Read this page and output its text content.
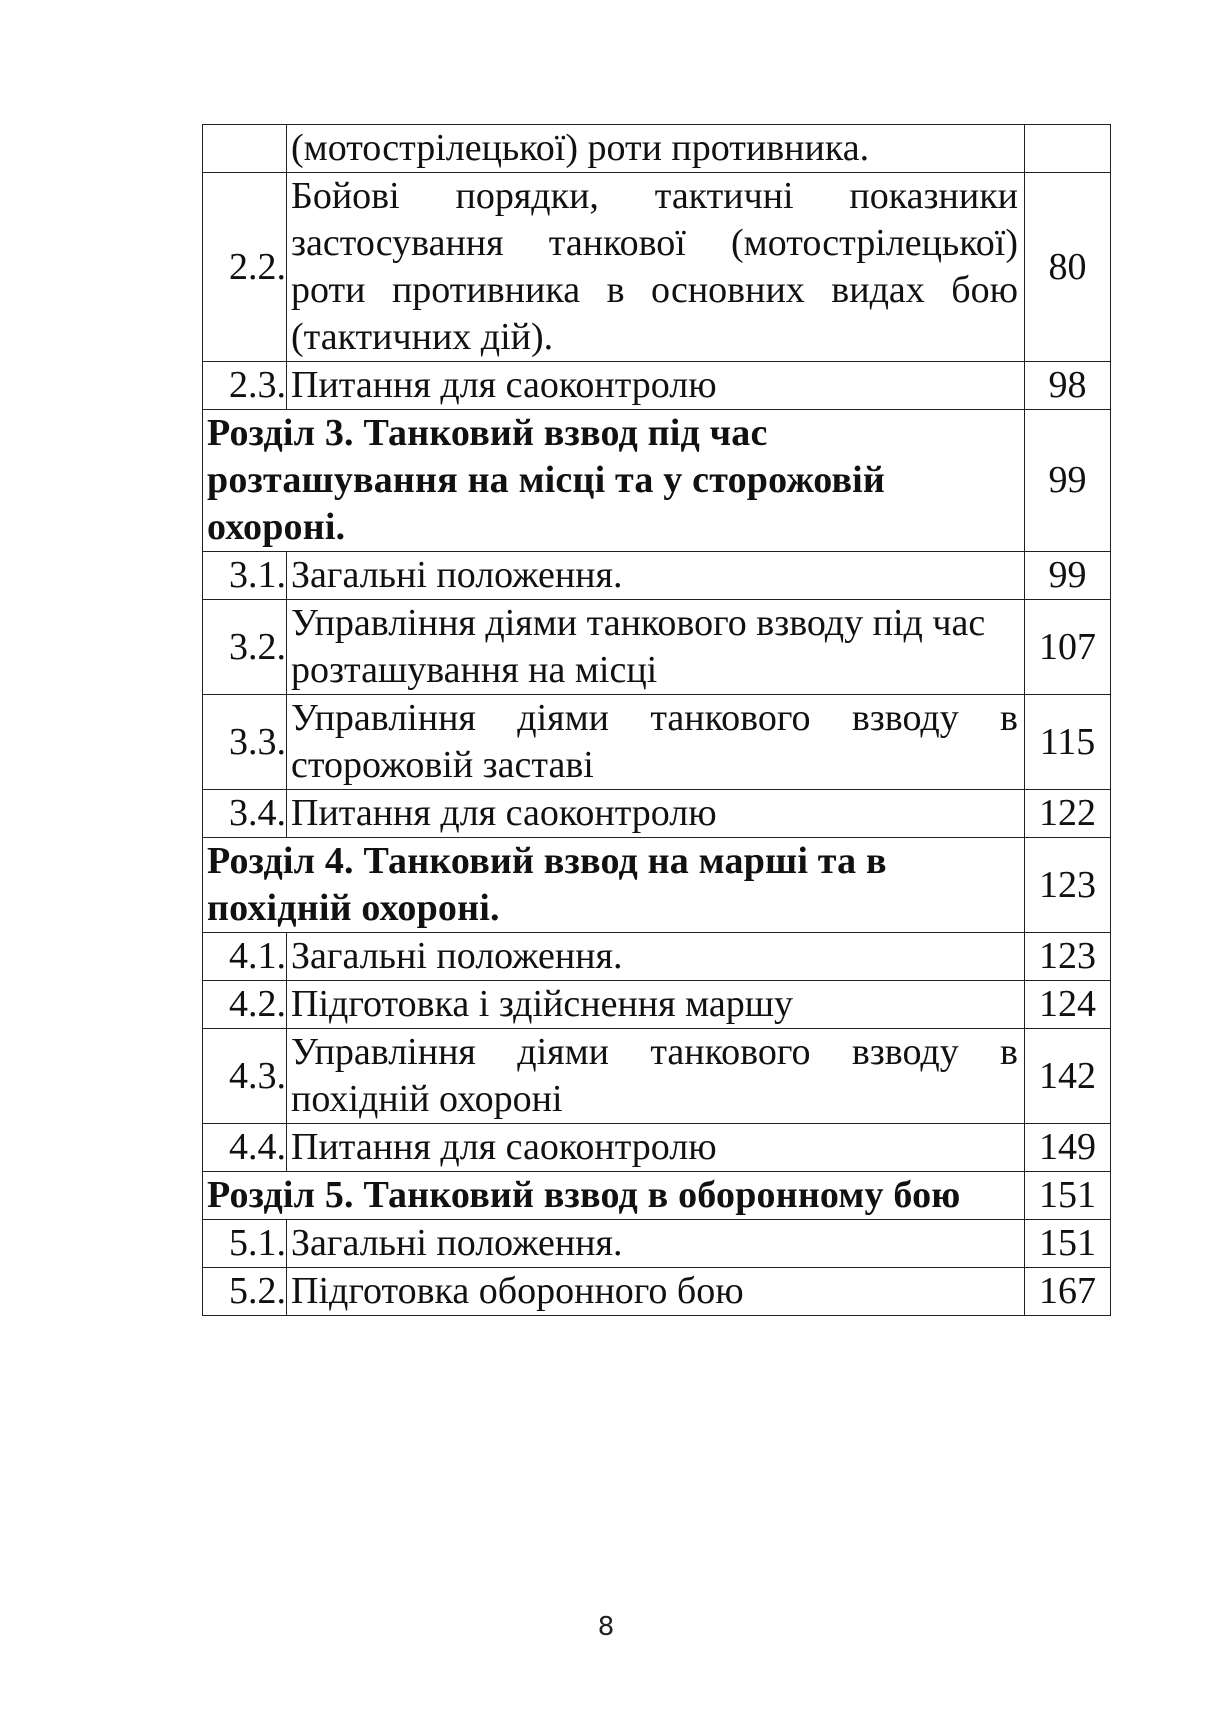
	(мотострілецької) роти противника.	
2.2.	Бойові порядки, тактичні показники застосування танкової (мотострілецької) роти противника в основних видах бою (тактичних дій).	80
2.3.	Питання для саоконтролю	98
Розділ 3. Танковий взвод під час розташування на місці та у сторожовій охороні.		99
3.1.	Загальні положення.	99
3.2.	Управління діями танкового взводу під час розташування на місці	107
3.3.	Управління діями танкового взводу в сторожовій заставі	115
3.4.	Питання для саоконтролю	122
Розділ 4. Танковий взвод на марші та в похідній охороні.		123
4.1.	Загальні положення.	123
4.2.	Підготовка і здійснення маршу	124
4.3.	Управління діями танкового взводу в похідній охороні	142
4.4.	Питання для саоконтролю	149
Розділ 5. Танковий взвод в оборонному бою		151
5.1.	Загальні положення.	151
5.2.	Підготовка оборонного бою	167
8
